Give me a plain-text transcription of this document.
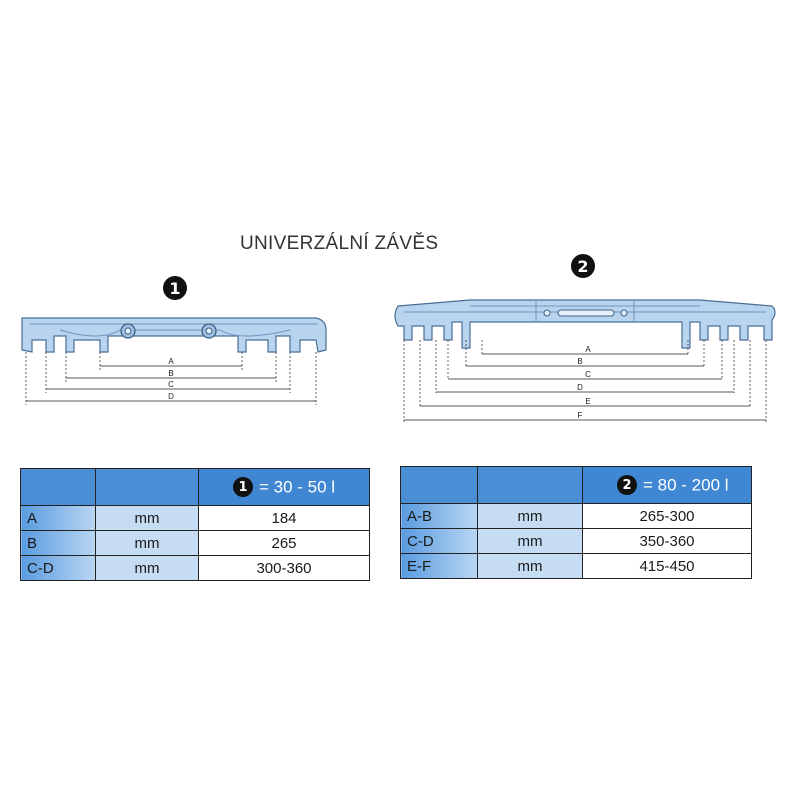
UNIVERZÁLNÍ ZÁVĚS
1
2
A
B
C
D
A
B
C
D
E
F
		1 = 30 - 50 l
A	mm	184
B	mm	265
C-D	mm	300-360
		2 = 80 - 200 l
A-B	mm	265-300
C-D	mm	350-360
E-F	mm	415-450
